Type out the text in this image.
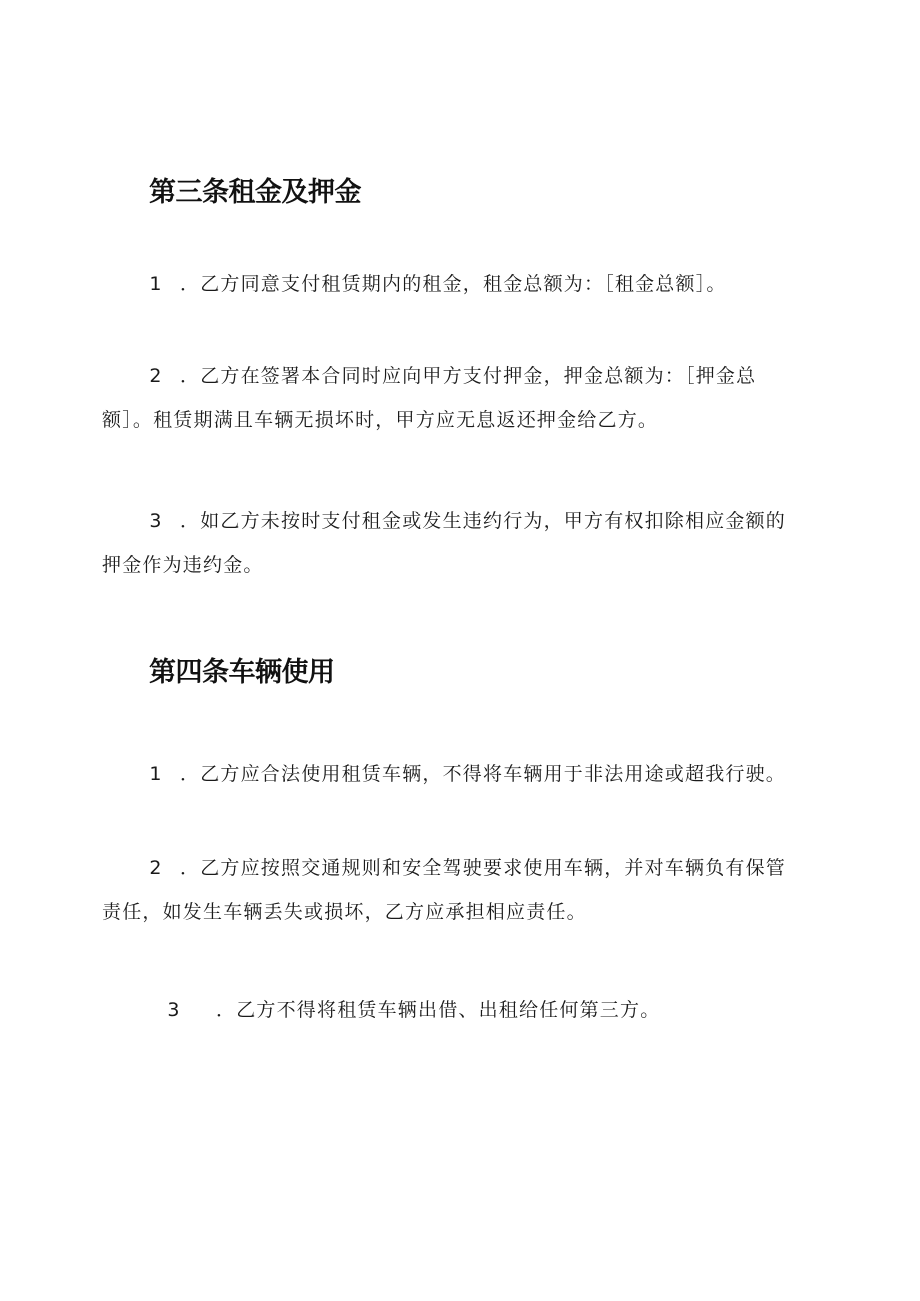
第三条租金及押金
1 ．乙方同意支付租赁期内的租金，租金总额为：［租金总额］。
2 ．乙方在签署本合同时应向甲方支付押金，押金总额为：［押金总
额］。租赁期满且车辆无损坏时，甲方应无息返还押金给乙方。
3 ．如乙方未按时支付租金或发生违约行为，甲方有权扣除相应金额的
押金作为违约金。
第四条车辆使用
1 ．乙方应合法使用租赁车辆，不得将车辆用于非法用途或超我行驶。
2 ．乙方应按照交通规则和安全驾驶要求使用车辆，并对车辆负有保管
责任，如发生车辆丢失或损坏，乙方应承担相应责任。
3 ．乙方不得将租赁车辆出借、出租给任何第三方。
